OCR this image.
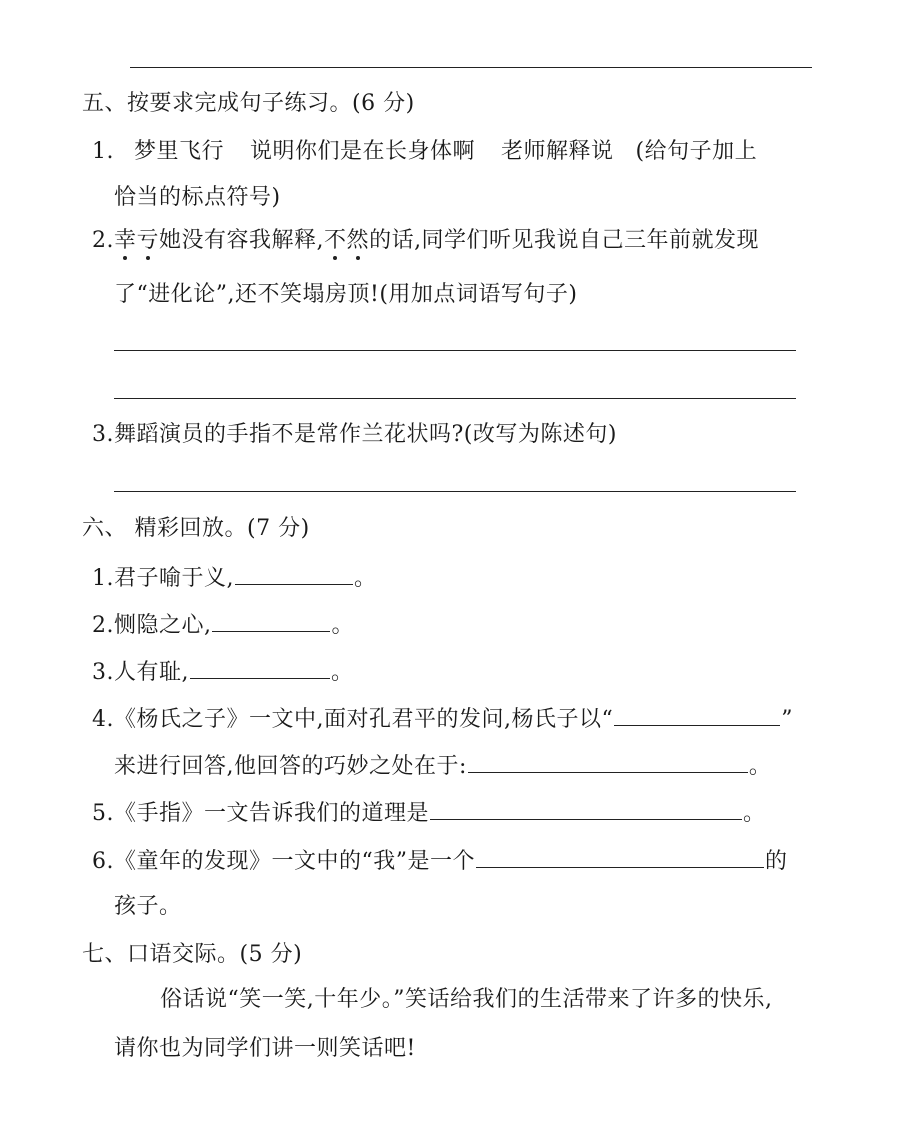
五、按要求完成句子练习。(6 分)
1. 梦里飞行 说明你们是在长身体啊 老师解释说 (给句子加上
恰当的标点符号)
2.幸亏她没有容我解释,不然的话,同学们听见我说自己三年前就发现
了“进化论”,还不笑塌房顶!(用加点词语写句子)
3.舞蹈演员的手指不是常作兰花状吗?(改写为陈述句)
六、 精彩回放。(7 分)
1.君子喻于义,	。
2.恻隐之心,	。
3.人有耻,	。
4.《杨氏之子》一文中,面对孔君平的发问,杨氏子以“	”
来进行回答,他回答的巧妙之处在于:	。
5.《手指》一文告诉我们的道理是	。
6.《童年的发现》一文中的“我”是一个	的
孩子。
七、口语交际。(5 分)
俗话说“笑一笑,十年少。”笑话给我们的生活带来了许多的快乐,
请你也为同学们讲一则笑话吧!
